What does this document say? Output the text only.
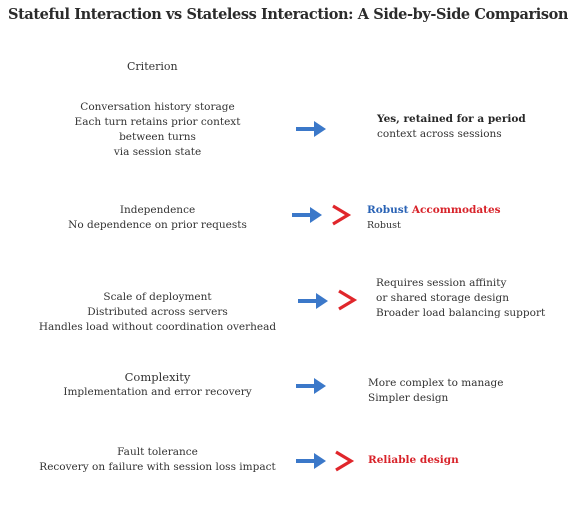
Stateful Interaction vs Stateless Interaction: A Side-by-Side Comparison
Criterion
Conversation history storage
Each turn retains prior context
between turns
via session state
Yes, retained for a period
context across sessions
Independence
No dependence on prior requests
Robust Accommodates
Robust
Scale of deployment
Distributed across servers
Handles load without coordination overhead
Requires session affinity
or shared storage design
Broader load balancing support
Complexity
Implementation and error recovery
More complex to manage
Simpler design
Fault tolerance
Recovery on failure with session loss impact
Reliable design
